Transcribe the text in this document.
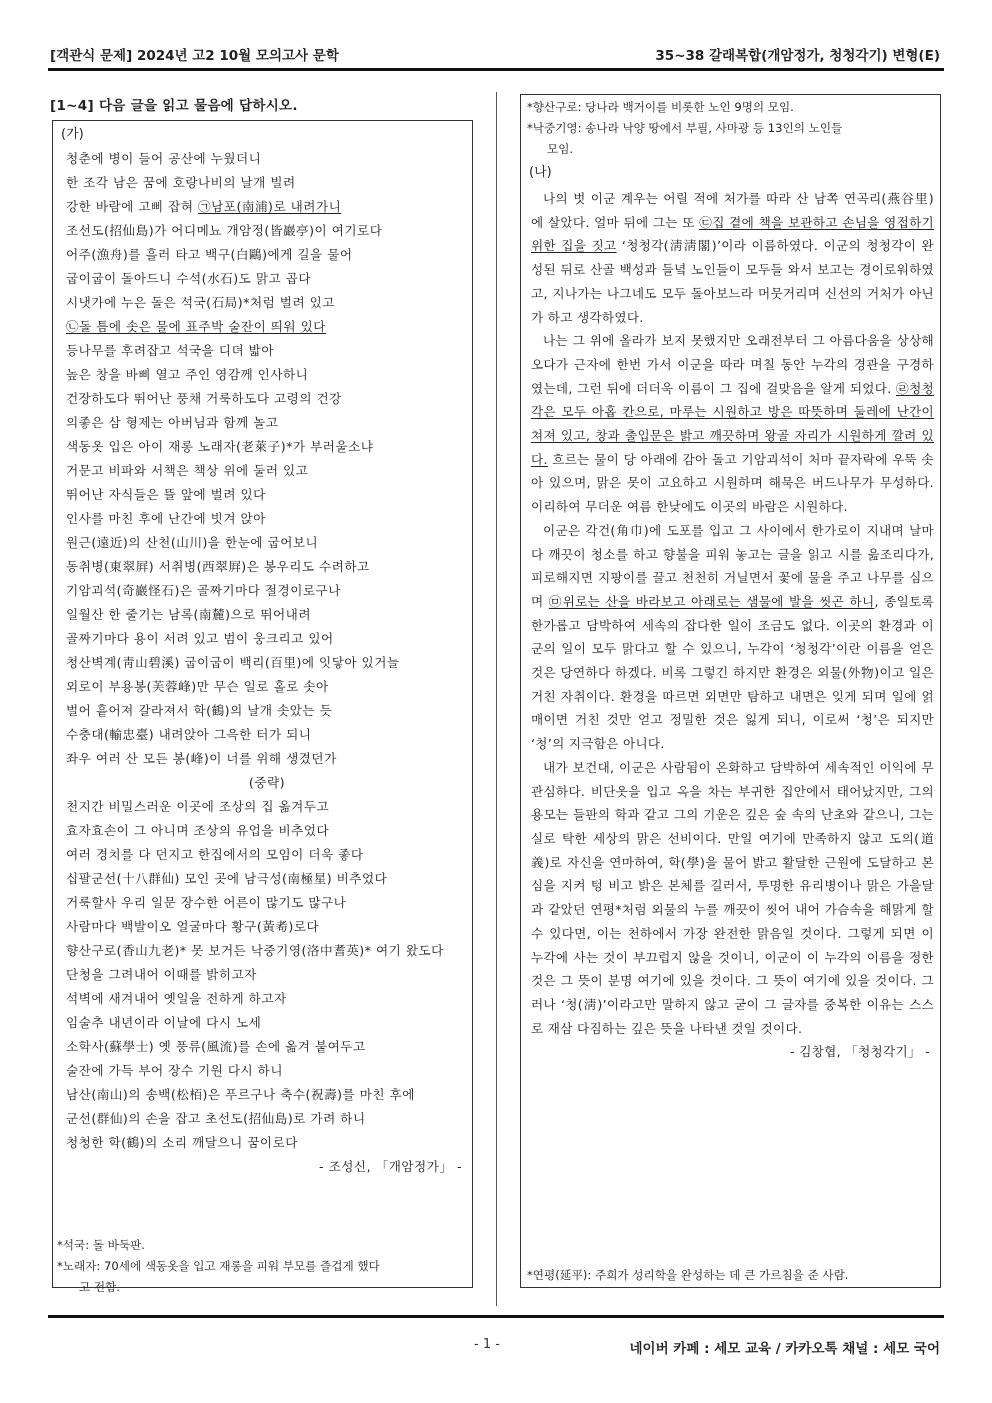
[객관식 문제] 2024년 고2 10월 모의고사 문학	35~38 갈래복합(개암정가, 청청각기) 변형(E)
[1~4] 다음 글을 읽고 물음에 답하시오.
(가)
청춘에 병이 들어 공산에 누웠더니
한 조각 남은 꿈에 호랑나비의 날개 빌려
강한 바람에 고삐 잡혀 ㉠남포(南浦)로 내려가니
조선도(招仙島)가 어디메뇨 개암정(皆巖亭)이 여기로다
어주(漁舟)를 흘러 타고 백구(白鷗)에게 길을 물어
굽이굽이 돌아드니 수석(水石)도 맑고 곱다
시냇가에 누은 돌은 석국(石局)*처럼 벌려 있고
㉡돌 틈에 솟은 물에 표주박 술잔이 띄워 있다
등나무를 후려잡고 석국을 디뎌 밟아
높은 창을 바삐 열고 주인 영감께 인사하니
건장하도다 뛰어난 풍채 거룩하도다 고령의 건강
의좋은 삼 형제는 아버님과 함께 놀고
색동옷 입은 아이 재롱 노래자(老萊子)*가 부러울소냐
거문고 비파와 서책은 책상 위에 둘러 있고
뛰어난 자식들은 뜰 앞에 벌려 있다
인사를 마친 후에 난간에 빗겨 앉아
원근(遠近)의 산천(山川)을 한눈에 굽어보니
동취병(東翠屛) 서취병(西翠屛)은 봉우리도 수려하고
기암괴석(奇巖怪石)은 골짜기마다 절경이로구나
일월산 한 줄기는 남록(南麓)으로 뛰어내려
골짜기마다 용이 서려 있고 범이 웅크리고 있어
청산벽계(靑山碧溪) 굽이굽이 백리(百里)에 잇닿아 있거늘
외로이 부용봉(芙蓉峰)만 무슨 일로 홀로 솟아
벌어 흩어져 갈라져서 학(鶴)의 날개 솟았는 듯
수충대(輸忠臺) 내려앉아 그윽한 터가 되니
좌우 여러 산 모든 봉(峰)이 너를 위해 생겼던가
(중략)
천지간 비밀스러운 이곳에 조상의 집 옮겨두고
효자효손이 그 아니며 조상의 유업을 비추었다
여러 경치를 다 던지고 한집에서의 모임이 더욱 좋다
십팔군선(十八群仙) 모인 곳에 남극성(南極星) 비추었다
거룩할사 우리 일문 장수한 어른이 많기도 많구나
사람마다 백발이오 얼굴마다 황구(黃耇)로다
향산구로(香山九老)* 못 보거든 낙중기영(洛中耆英)* 여기 왔도다
단청을 그려내어 이때를 밝히고자
석벽에 새겨내어 옛일을 전하게 하고자
임술추 내년이라 이날에 다시 노세
소학사(蘇學士) 옛 풍류(風流)를 손에 옮겨 붙여두고
술잔에 가득 부어 장수 기원 다시 하니
남산(南山)의 송백(松栢)은 푸르구나 축수(祝壽)를 마친 후에
군선(群仙)의 손을 잡고 초선도(招仙島)로 가려 하니
청청한 학(鶴)의 소리 깨달으니 꿈이로다
- 조성신, 「개암정가」 -
*석국: 돌 바둑판.
*노래자: 70세에 색동옷을 입고 재롱을 피워 부모를 즐겁게 했다
고 전함.
*향산구로: 당나라 백거이를 비롯한 노인 9명의 모임.
*낙중기영: 송나라 낙양 땅에서 부필, 사마광 등 13인의 노인들
모임.
(나)

나의 벗 이군 계우는 어릴 적에 처가를 따라 산 남쪽 연곡리(燕谷里)에 살았다. 얼마 뒤에 그는 또 ㉢집 곁에 책을 보관하고 손님을 영접하기 위한 집을 짓고 ‘청청각(淸淸閣)’이라 이름하였다. 이군의 청청각이 완성된 뒤로 산골 백성과 들녘 노인들이 모두들 와서 보고는 경이로워하였고, 지나가는 나그네도 모두 돌아보느라 머뭇거리며 신선의 거처가 아닌가 하고 생각하였다.

나는 그 위에 올라가 보지 못했지만 오래전부터 그 아름다움을 상상해 오다가 근자에 한번 가서 이군을 따라 며칠 동안 누각의 경관을 구경하였는데, 그런 뒤에 더더욱 이름이 그 집에 걸맞음을 알게 되었다. ㉣청청각은 모두 아홉 칸으로, 마루는 시원하고 방은 따뜻하며 둘레에 난간이 쳐져 있고, 창과 출입문은 밝고 깨끗하며 왕골 자리가 시원하게 깔려 있다. 흐르는 물이 당 아래에 감아 돌고 기암괴석이 처마 끝자락에 우뚝 솟아 있으며, 맑은 못이 고요하고 시원하며 해묵은 버드나무가 무성하다. 이리하여 무더운 여름 한낮에도 이곳의 바람은 시원하다.

이군은 각건(角巾)에 도포를 입고 그 사이에서 한가로이 지내며 날마다 깨끗이 청소를 하고 향불을 피워 놓고는 글을 읽고 시를 읊조리다가, 피로해지면 지팡이를 끌고 천천히 거닐면서 꽃에 물을 주고 나무를 심으며 ㉤위로는 산을 바라보고 아래로는 샘물에 발을 씻곤 하니, 종일토록 한가롭고 담박하여 세속의 잡다한 일이 조금도 없다. 이곳의 환경과 이군의 일이 모두 맑다고 할 수 있으니, 누각이 ‘청청각’이란 이름을 얻은 것은 당연하다 하겠다. 비록 그렇긴 하지만 환경은 외물(外物)이고 일은 거친 자취이다. 환경을 따르면 외면만 탐하고 내면은 잊게 되며 일에 얽매이면 거친 것만 얻고 정밀한 것은 잃게 되니, 이로써 ‘청’은 되지만 ‘청’의 지극함은 아니다.

내가 보건대, 이군은 사람됨이 온화하고 담박하여 세속적인 이익에 무관심하다. 비단옷을 입고 옥을 차는 부귀한 집안에서 태어났지만, 그의 용모는 들판의 학과 같고 그의 기운은 깊은 숲 속의 난초와 같으니, 그는 실로 탁한 세상의 맑은 선비이다. 만일 여기에 만족하지 않고 도의(道義)로 자신을 연마하여, 학(學)을 물어 밝고 활달한 근원에 도달하고 본심을 지켜 텅 비고 밝은 본체를 길러서, 투명한 유리병이나 맑은 가을달과 같았던 연평*처럼 외물의 누를 깨끗이 씻어 내어 가슴속을 해맑게 할 수 있다면, 이는 천하에서 가장 완전한 맑음일 것이다. 그렇게 되면 이 누각에 사는 것이 부끄럽지 않을 것이니, 이군이 이 누각의 이름을 정한 것은 그 뜻이 분명 여기에 있을 것이다. 그 뜻이 여기에 있을 것이다. 그러나 ‘청(淸)’이라고만 말하지 않고 굳이 그 글자를 중복한 이유는 스스로 재삼 다짐하는 깊은 뜻을 나타낸 것일 것이다.

- 김창협, 「청청각기」 -

*연평(延平): 주희가 성리학을 완성하는 데 큰 가르침을 준 사람.
- 1 -	네이버 카페 : 세모 교육 / 카카오톡 채널 : 세모 국어
